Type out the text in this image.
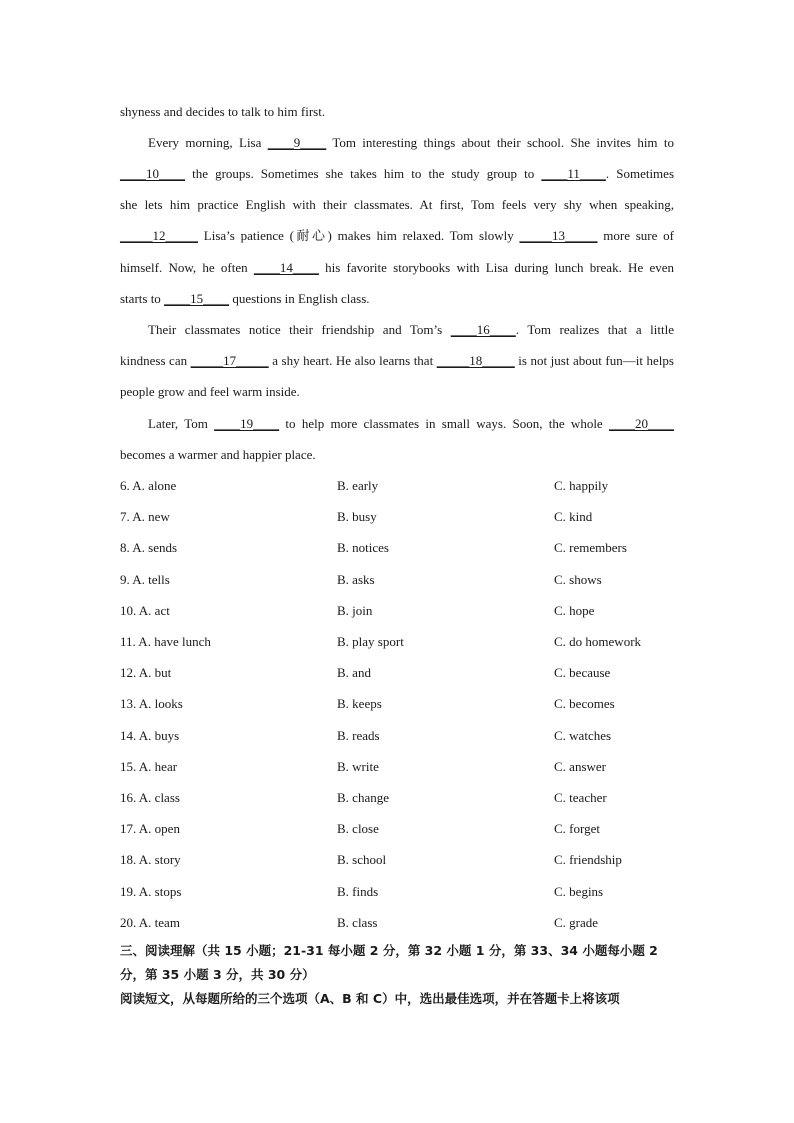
shyness and decides to talk to him first.
Every morning, Lisa ____9____ Tom interesting things about their school. She invites him to
____10____ the groups. Sometimes she takes him to the study group to ____11____. Sometimes
she lets him practice English with their classmates. At first, Tom feels very shy when speaking,
_____12_____ Lisa’s patience (耐心) makes him relaxed. Tom slowly _____13_____ more sure of
himself. Now, he often ____14____ his favorite storybooks with Lisa during lunch break. He even
starts to ____15____ questions in English class.
Their classmates notice their friendship and Tom’s ____16____. Tom realizes that a little
kindness can _____17_____ a shy heart. He also learns that _____18_____ is not just about fun—it helps
people grow and feel warm inside.
Later, Tom ____19____ to help more classmates in small ways. Soon, the whole ____20____
becomes a warmer and happier place.
6. A. alone	B. early	C. happily
7. A. new	B. busy	C. kind
8. A. sends	B. notices	C. remembers
9. A. tells	B. asks	C. shows
10. A. act	B. join	C. hope
11. A. have lunch	B. play sport	C. do homework
12. A. but	B. and	C. because
13. A. looks	B. keeps	C. becomes
14. A. buys	B. reads	C. watches
15. A. hear	B. write	C. answer
16. A. class	B. change	C. teacher
17. A. open	B. close	C. forget
18. A. story	B. school	C. friendship
19. A. stops	B. finds	C. begins
20. A. team	B. class	C. grade
三、阅读理解（共 15 小题；21-31 每小题 2 分，第 32 小题 1 分，第 33、34 小题每小题 2
分，第 35 小题 3 分，共 30 分）
阅读短文，从每题所给的三个选项（A、B 和 C）中，选出最佳选项，并在答题卡上将该项
